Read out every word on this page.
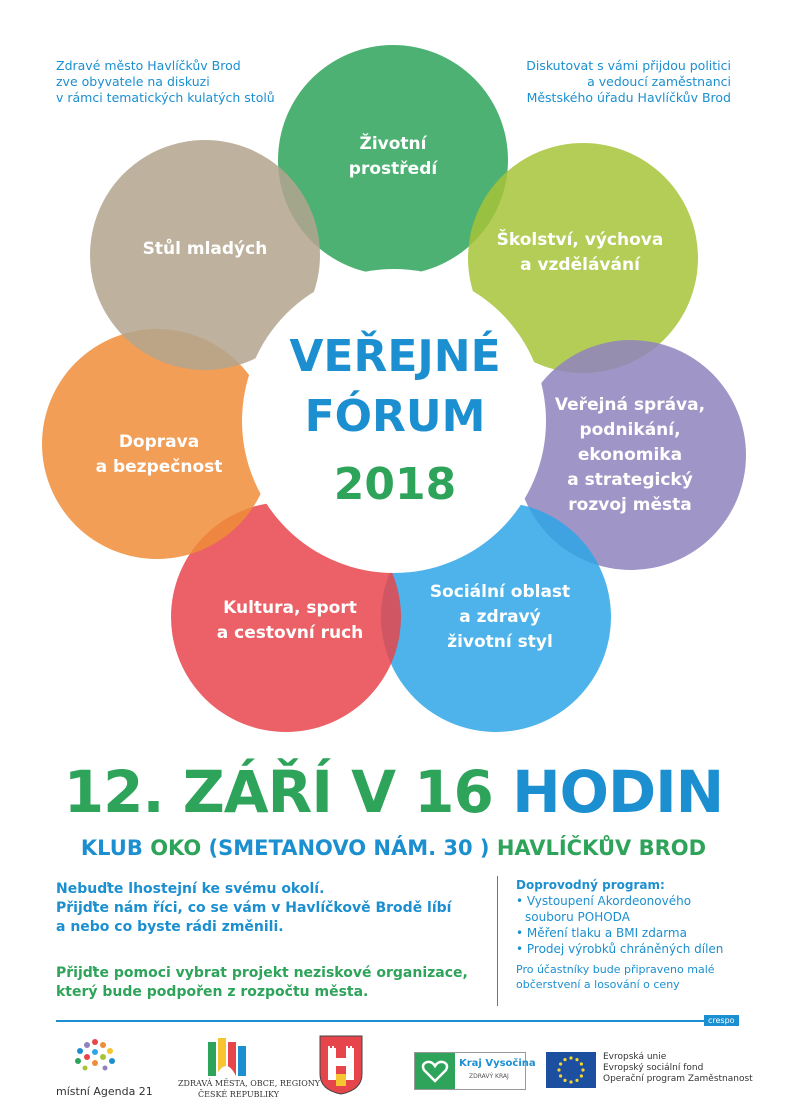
Zdravé město Havlíčkův Brod
zve obyvatele na diskuzi
v rámci tematických kulatých stolů
Diskutovat s vámi přijdou politici
a vedoucí zaměstnanci
Městského úřadu Havlíčkův Brod
Životní
prostředí
Školství, výchova
a vzdělávání
Veřejná správa,
podnikání,
ekonomika
a strategický
rozvoj města
Sociální oblast
a zdravý
životní styl
Kultura, sport
a cestovní ruch
Doprava
a bezpečnost
Stůl mladých
VEŘEJNÉ
FÓRUM
2018
12. ZÁŘÍ V 16 HODIN
KLUB OKO (SMETANOVO NÁM. 30 ) HAVLÍČKŮV BROD
Nebuďte lhostejní ke svému okolí.
Přijďte nám říci, co se vám v Havlíčkově Brodě líbí
a nebo co byste rádi změnili.
Přijďte pomoci vybrat projekt neziskové organizace,
který bude podpořen z rozpočtu města.
Doprovodný program:
• Vystoupení Akordeonového
souboru POHODA
• Měření tlaku a BMI zdarma
• Prodej výrobků chráněných dílen
Pro účastníky bude připraveno malé
občerstvení a losování o ceny
crespo
místní Agenda 21
ZDRAVÁ MĚSTA, OBCE, REGIONY
ČESKÉ REPUBLIKY
Kraj Vysočina
ZDRAVÝ KRAJ
Evropská unie
Evropský sociální fond
Operační program Zaměstnanost
